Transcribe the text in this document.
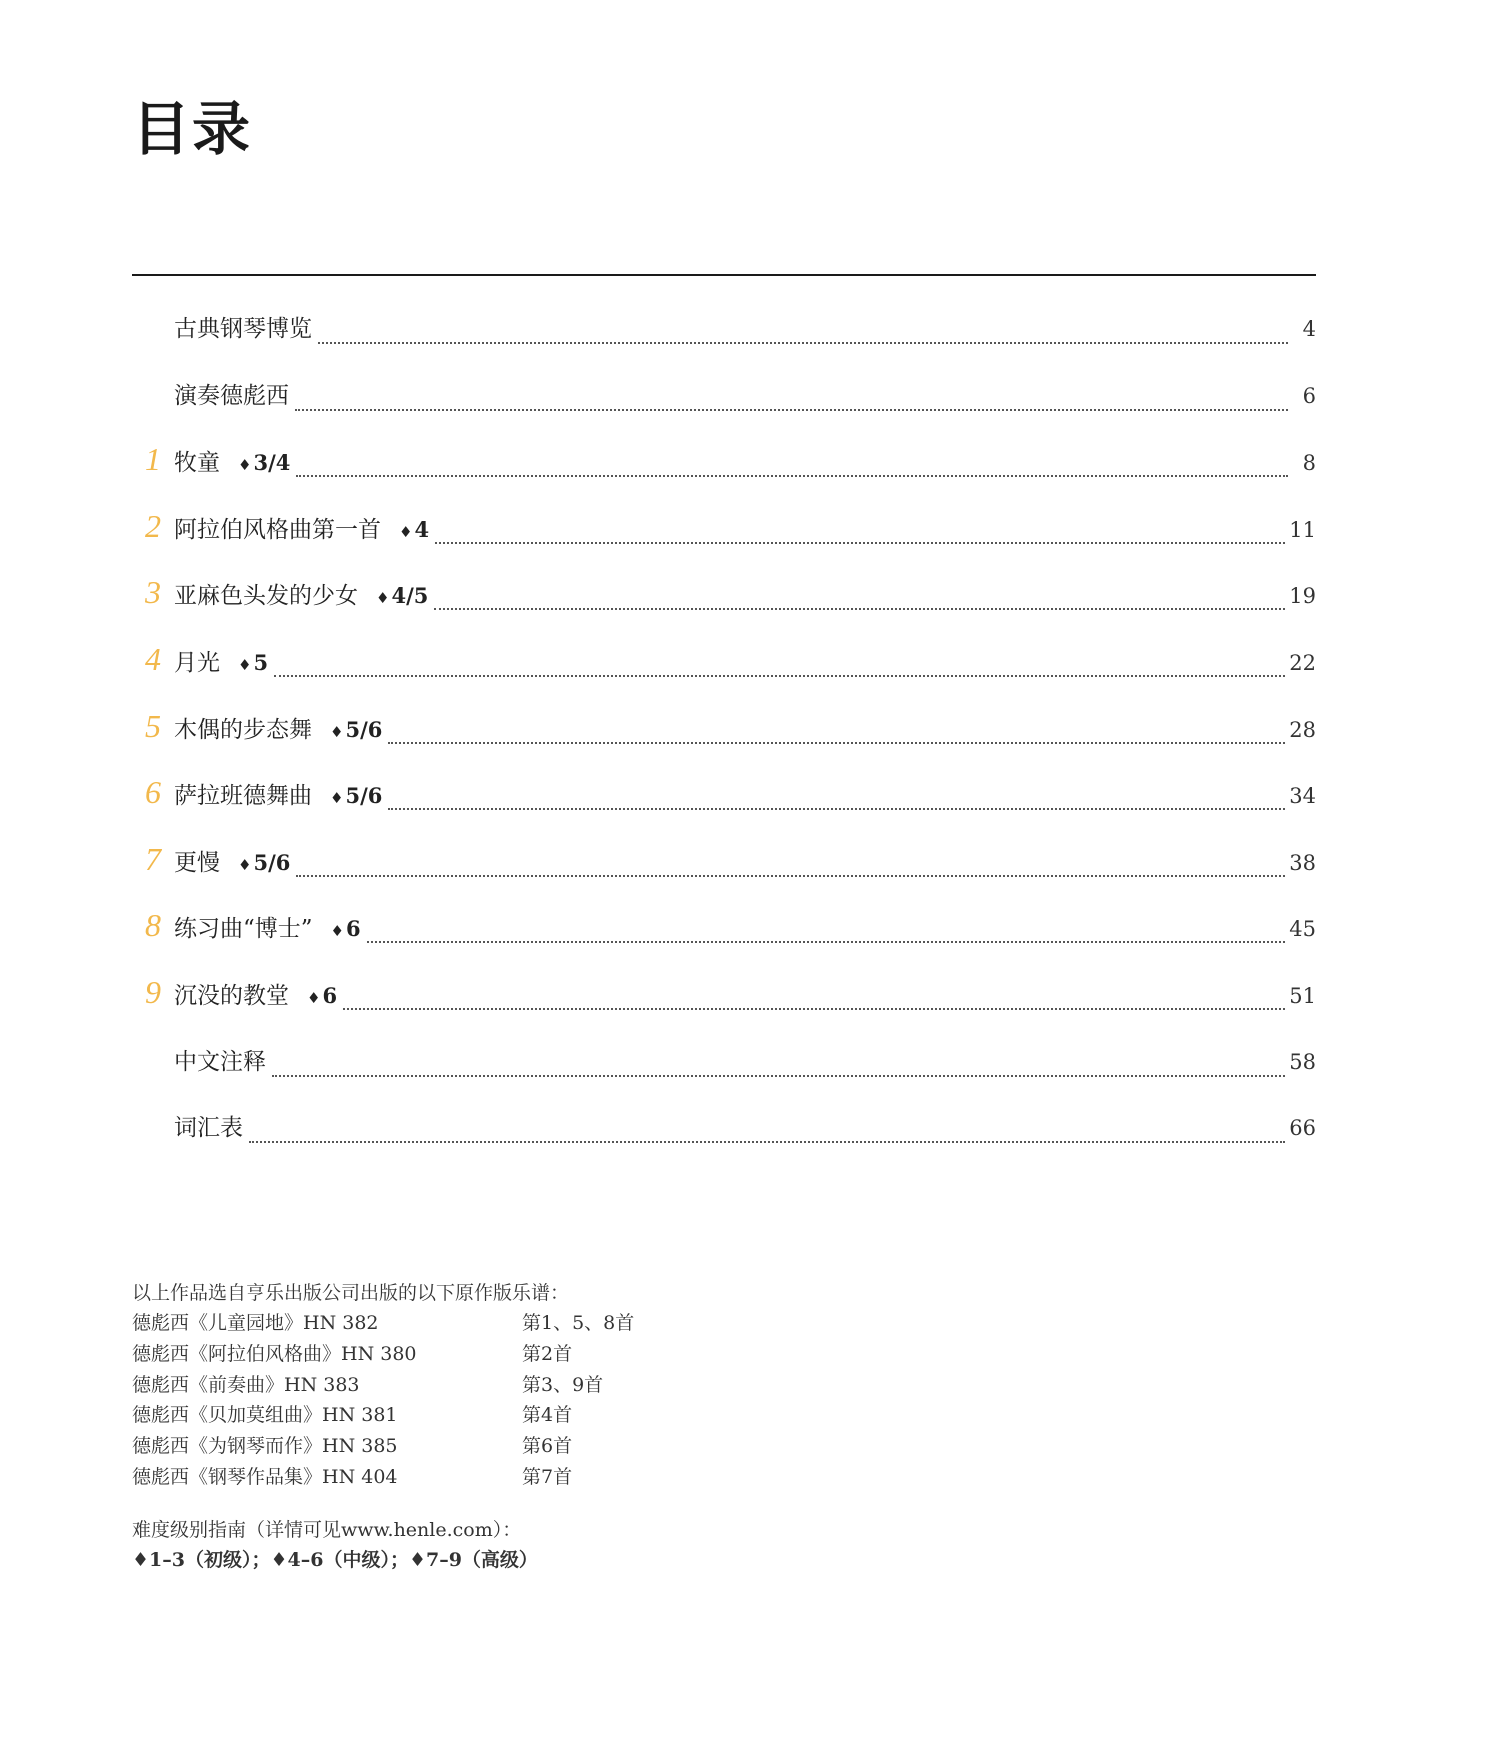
目录
古典钢琴博览	4
演奏德彪西	6
1 牧童 ♦3/4	8
2 阿拉伯风格曲第一首 ♦4	11
3 亚麻色头发的少女 ♦4/5	19
4 月光 ♦5	22
5 木偶的步态舞 ♦5/6	28
6 萨拉班德舞曲 ♦5/6	34
7 更慢 ♦5/6	38
8 练习曲“博士” ♦6	45
9 沉没的教堂 ♦6	51
中文注释	58
词汇表	66
以上作品选自亨乐出版公司出版的以下原作版乐谱：
德彪西《儿童园地》HN 382	第1、5、8首
德彪西《阿拉伯风格曲》HN 380	第2首
德彪西《前奏曲》HN 383	第3、9首
德彪西《贝加莫组曲》HN 381	第4首
德彪西《为钢琴而作》HN 385	第6首
德彪西《钢琴作品集》HN 404	第7首
难度级别指南（详情可见www.henle.com）：
♦1–3（初级）；♦4–6（中级）；♦7–9（高级）
